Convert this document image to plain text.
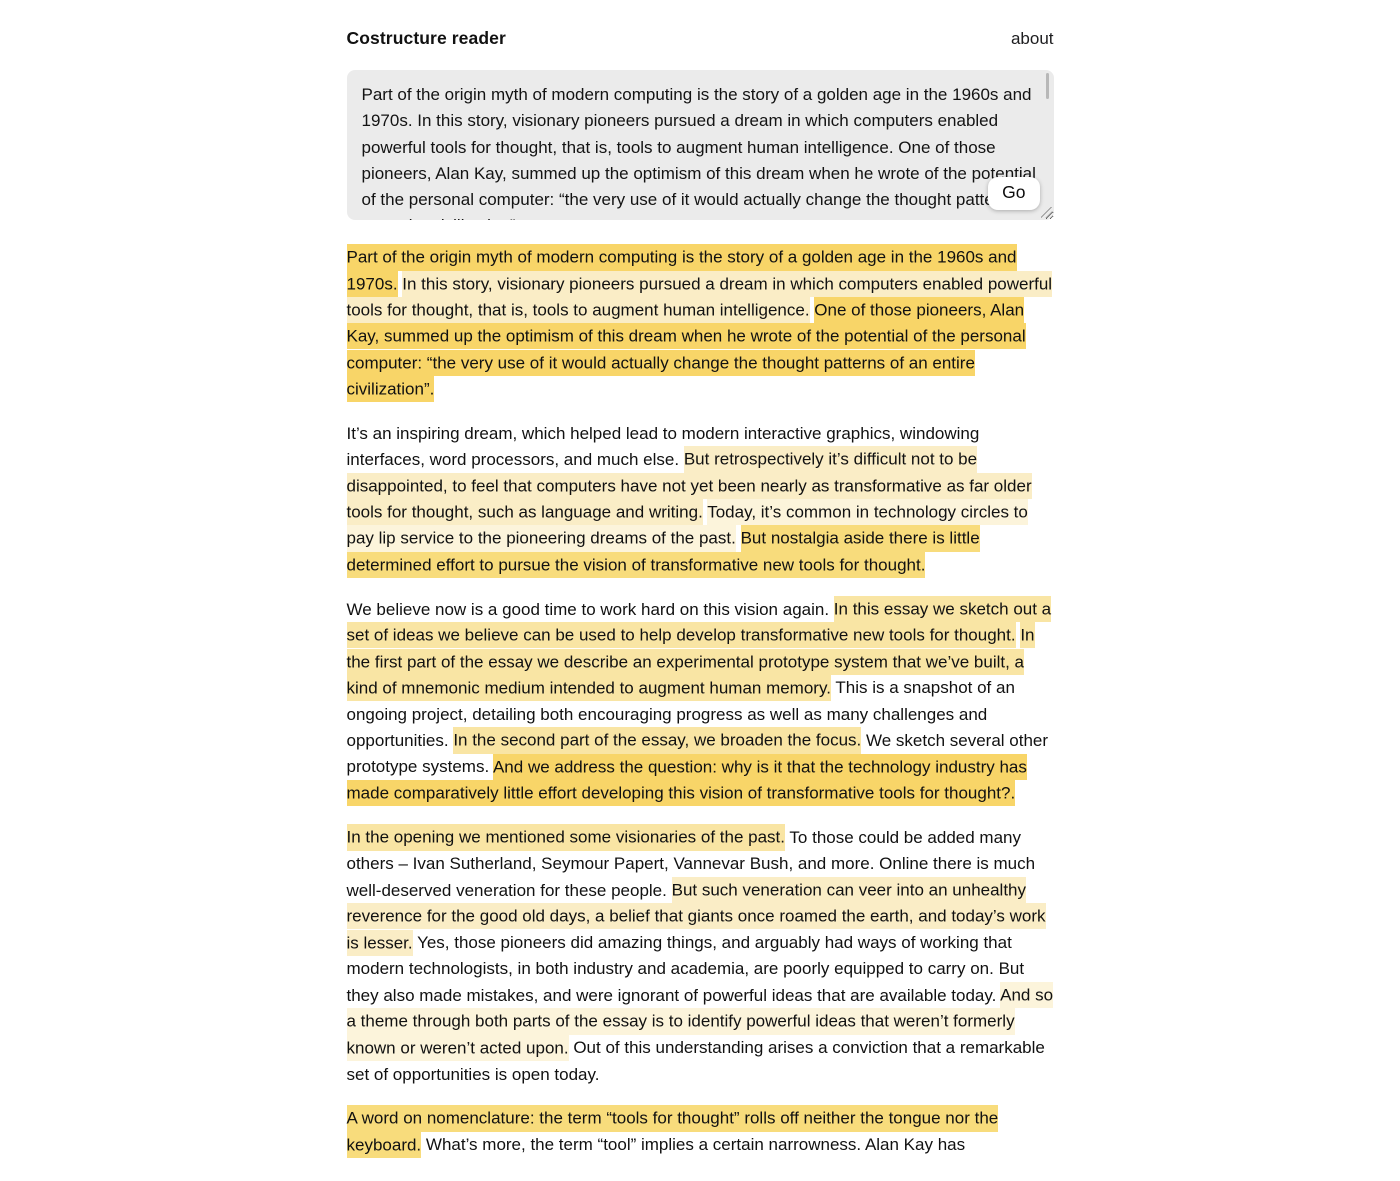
Costructure reader	about
Part of the origin myth of modern computing is the story of a golden age in the 1960s and 1970s. In this story, visionary pioneers pursued a dream in which computers enabled powerful tools for thought, that is, tools to augment human intelligence. One of those pioneers, Alan Kay, summed up the optimism of this dream when he wrote of the potential of the personal computer: “the very use of it would actually change the thought patterns of an entire civilization”.
Go

Part of the origin myth of modern computing is the story of a golden age in the 1960s and 1970s. In this story, visionary pioneers pursued a dream in which computers enabled powerful tools for thought, that is, tools to augment human intelligence. One of those pioneers, Alan Kay, summed up the optimism of this dream when he wrote of the potential of the personal computer: “the very use of it would actually change the thought patterns of an entire civilization”.

It’s an inspiring dream, which helped lead to modern interactive graphics, windowing interfaces, word processors, and much else. But retrospectively it’s difficult not to be disappointed, to feel that computers have not yet been nearly as transformative as far older tools for thought, such as language and writing. Today, it’s common in technology circles to pay lip service to the pioneering dreams of the past. But nostalgia aside there is little determined effort to pursue the vision of transformative new tools for thought.

We believe now is a good time to work hard on this vision again. In this essay we sketch out a set of ideas we believe can be used to help develop transformative new tools for thought. In the first part of the essay we describe an experimental prototype system that we’ve built, a kind of mnemonic medium intended to augment human memory. This is a snapshot of an ongoing project, detailing both encouraging progress as well as many challenges and opportunities. In the second part of the essay, we broaden the focus. We sketch several other prototype systems. And we address the question: why is it that the technology industry has made comparatively little effort developing this vision of transformative tools for thought?.

In the opening we mentioned some visionaries of the past. To those could be added many others – Ivan Sutherland, Seymour Papert, Vannevar Bush, and more. Online there is much well-deserved veneration for these people. But such veneration can veer into an unhealthy reverence for the good old days, a belief that giants once roamed the earth, and today’s work is lesser. Yes, those pioneers did amazing things, and arguably had ways of working that modern technologists, in both industry and academia, are poorly equipped to carry on. But they also made mistakes, and were ignorant of powerful ideas that are available today. And so a theme through both parts of the essay is to identify powerful ideas that weren’t formerly known or weren’t acted upon. Out of this understanding arises a conviction that a remarkable set of opportunities is open today.

A word on nomenclature: the term “tools for thought” rolls off neither the tongue nor the keyboard. What’s more, the term “tool” implies a certain narrowness. Alan Kay has
